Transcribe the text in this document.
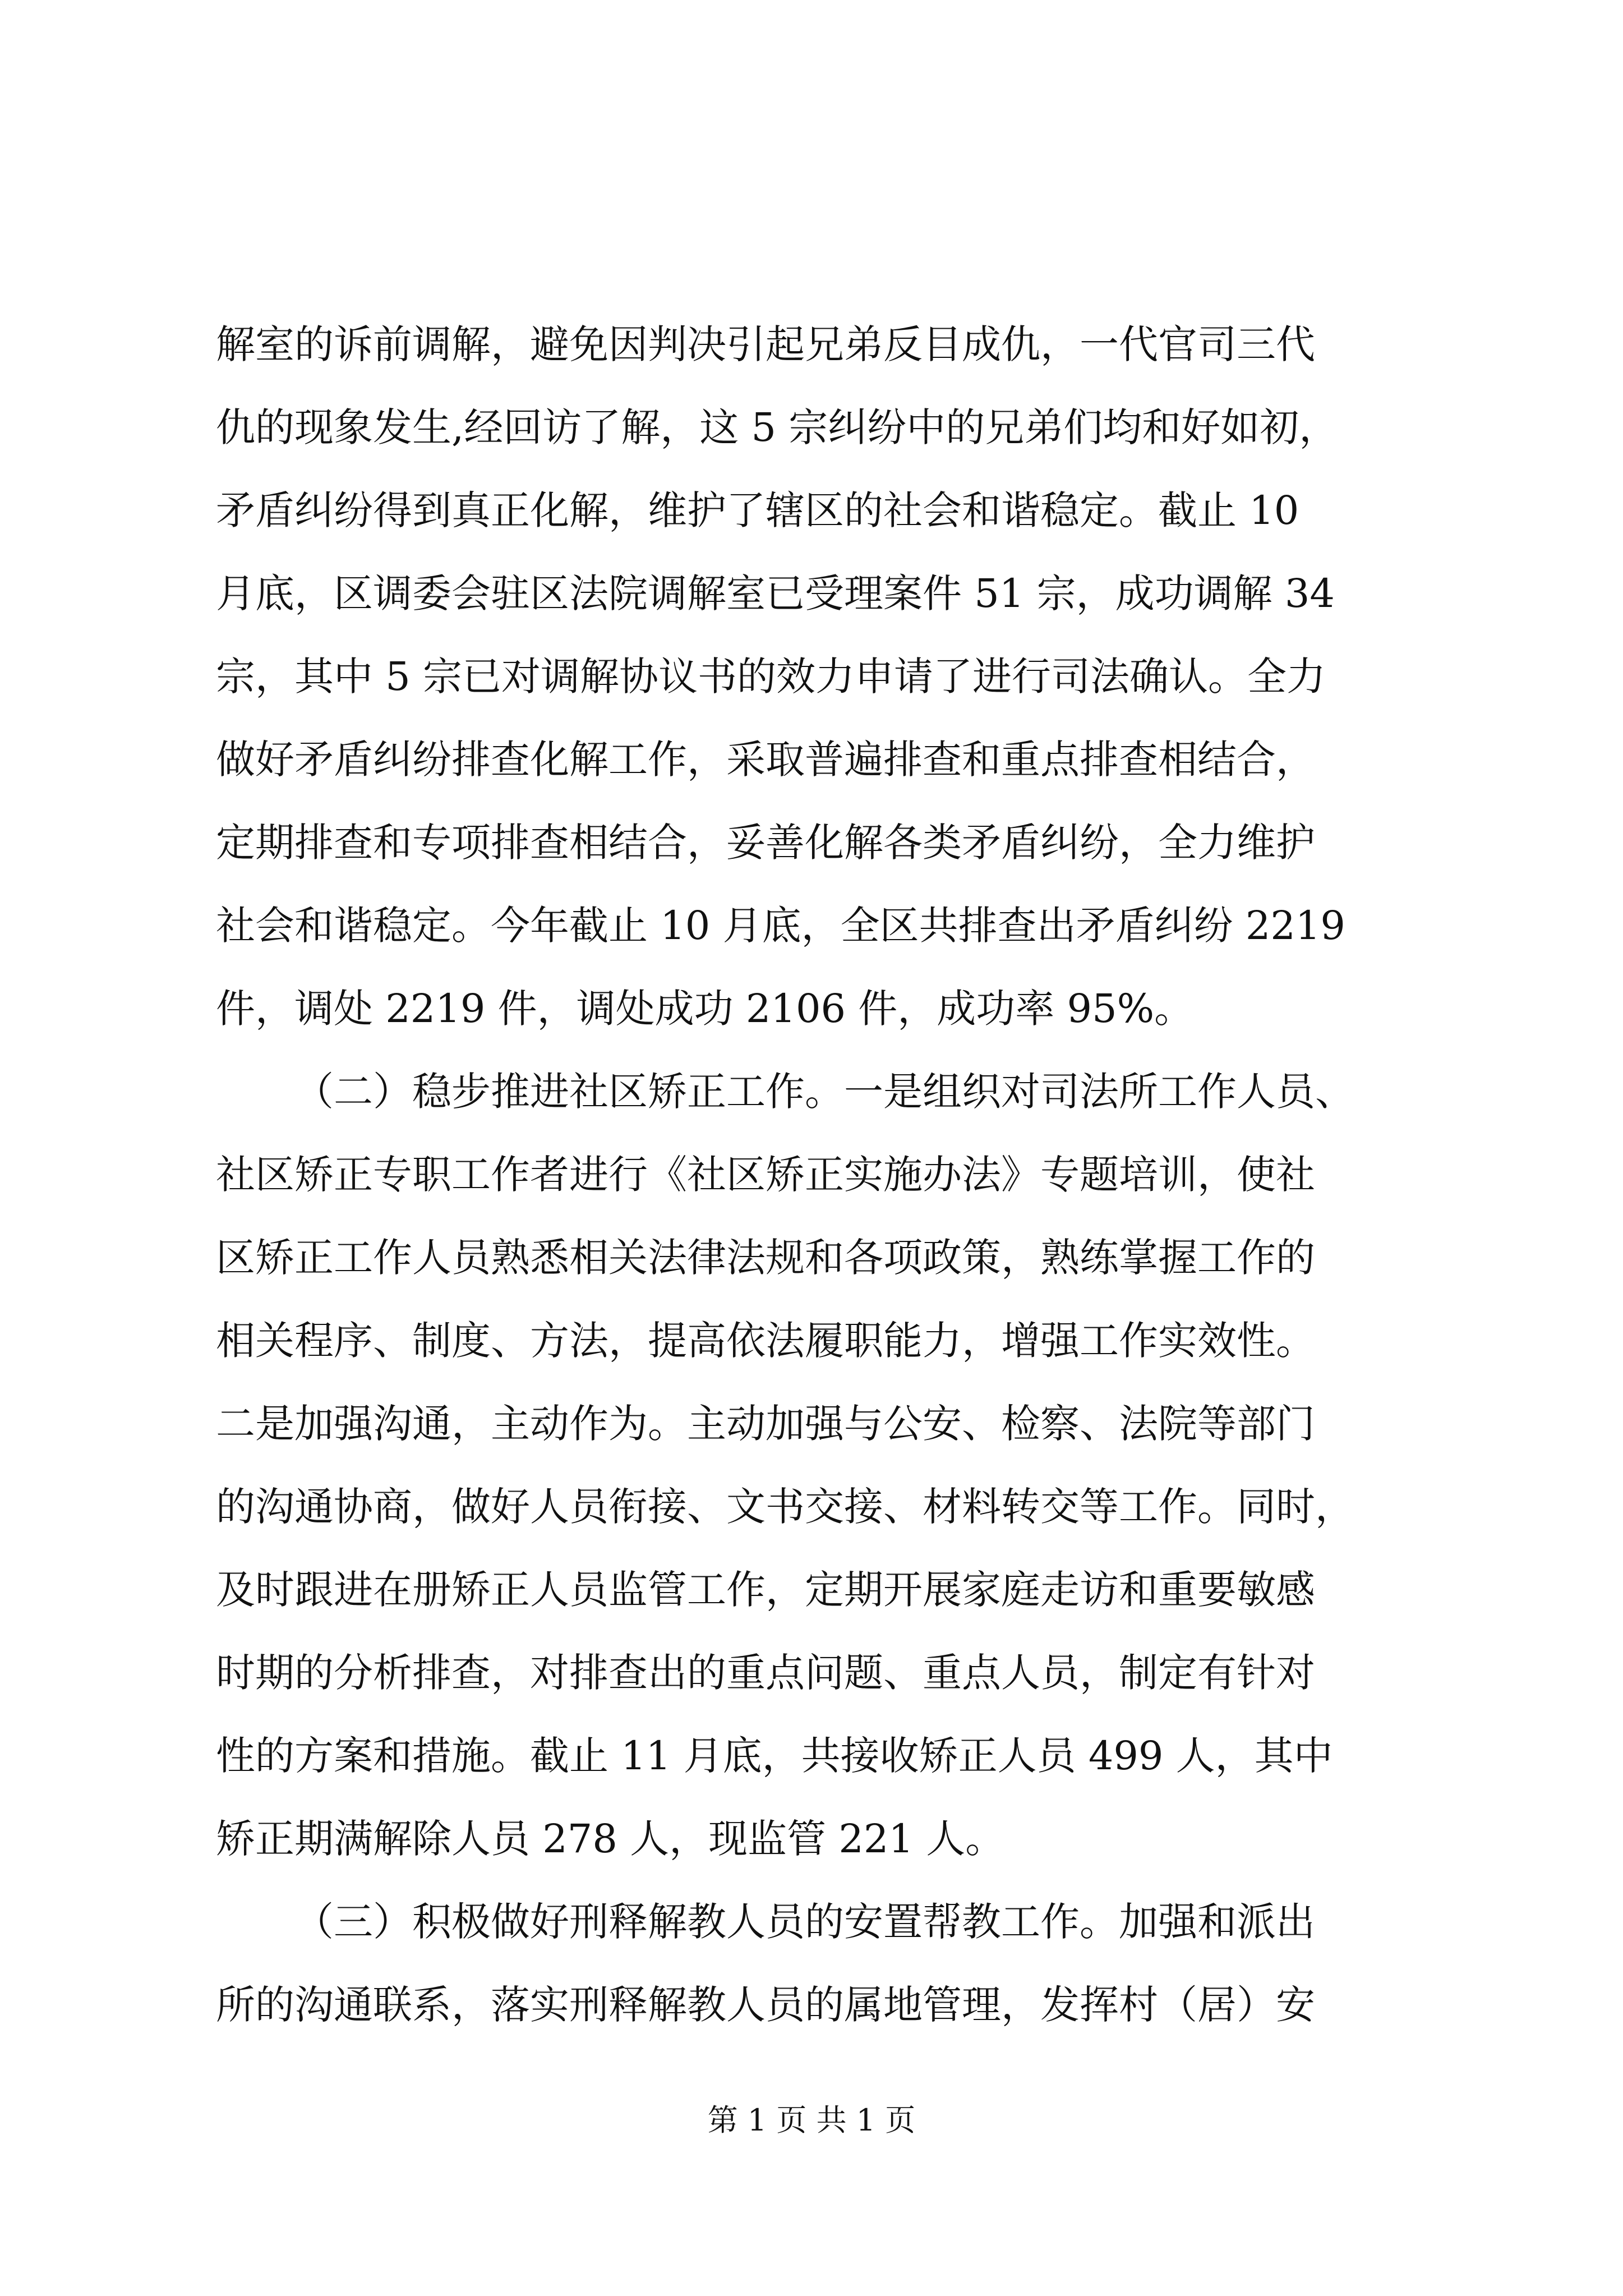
解室的诉前调解，避免因判决引起兄弟反目成仇，一代官司三代
仇的现象发生,经回访了解，这 5 宗纠纷中的兄弟们均和好如初，
矛盾纠纷得到真正化解，维护了辖区的社会和谐稳定。截止 10
月底，区调委会驻区法院调解室已受理案件 51 宗，成功调解 34
宗，其中 5 宗已对调解协议书的效力申请了进行司法确认。全力
做好矛盾纠纷排查化解工作，采取普遍排查和重点排查相结合，
定期排查和专项排查相结合，妥善化解各类矛盾纠纷，全力维护
社会和谐稳定。今年截止 10 月底，全区共排查出矛盾纠纷 2219
件，调处 2219 件，调处成功 2106 件，成功率 95%。
（二）稳步推进社区矫正工作。一是组织对司法所工作人员、
社区矫正专职工作者进行《社区矫正实施办法》专题培训，使社
区矫正工作人员熟悉相关法律法规和各项政策，熟练掌握工作的
相关程序、制度、方法，提高依法履职能力，增强工作实效性。
二是加强沟通，主动作为。主动加强与公安、检察、法院等部门
的沟通协商，做好人员衔接、文书交接、材料转交等工作。同时，
及时跟进在册矫正人员监管工作，定期开展家庭走访和重要敏感
时期的分析排查，对排查出的重点问题、重点人员，制定有针对
性的方案和措施。截止 11 月底，共接收矫正人员 499 人，其中
矫正期满解除人员 278 人，现监管 221 人。
（三）积极做好刑释解教人员的安置帮教工作。加强和派出
所的沟通联系，落实刑释解教人员的属地管理，发挥村（居）安
第 1 页 共 1 页
